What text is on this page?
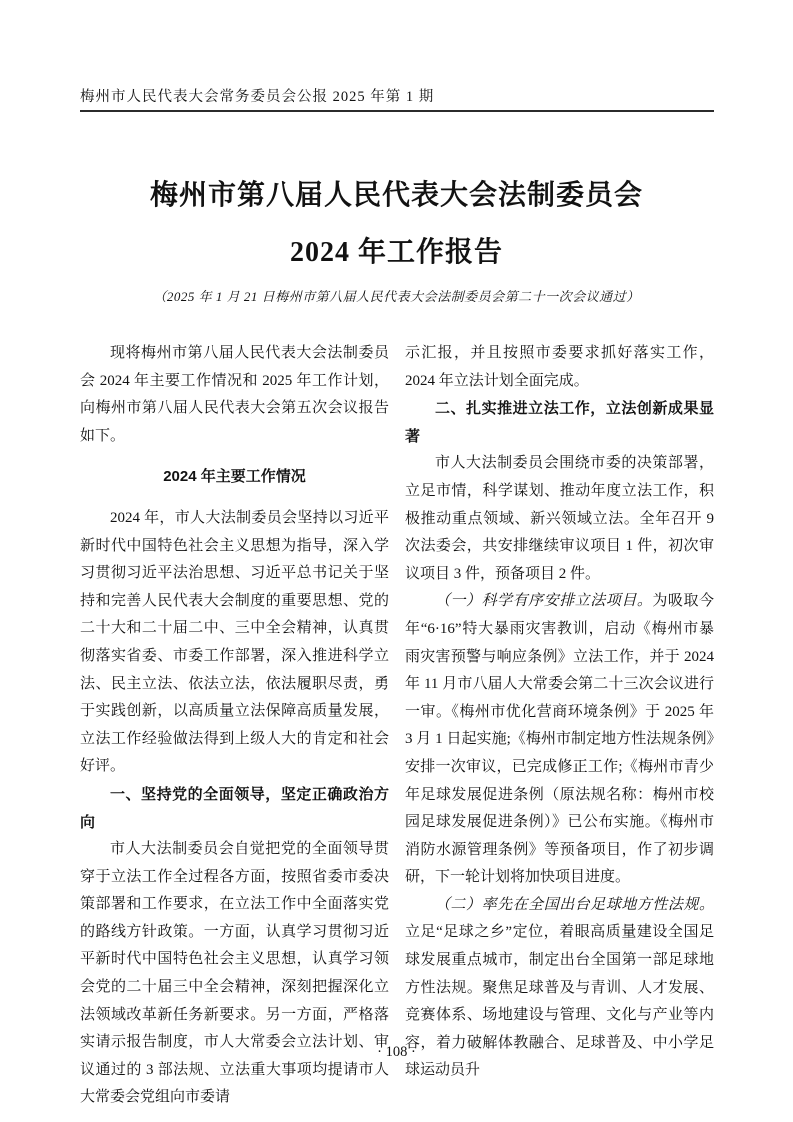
梅州市人民代表大会常务委员会公报 2025 年第 1 期
梅州市第八届人民代表大会法制委员会
2024 年工作报告
（2025 年 1 月 21 日梅州市第八届人民代表大会法制委员会第二十一次会议通过）

现将梅州市第八届人民代表大会法制委员会 2024 年主要工作情况和 2025 年工作计划，向梅州市第八届人民代表大会第五次会议报告如下。

2024 年主要工作情况

2024 年，市人大法制委员会坚持以习近平新时代中国特色社会主义思想为指导，深入学习贯彻习近平法治思想、习近平总书记关于坚持和完善人民代表大会制度的重要思想、党的二十大和二十届二中、三中全会精神，认真贯彻落实省委、市委工作部署，深入推进科学立法、民主立法、依法立法，依法履职尽责，勇于实践创新，以高质量立法保障高质量发展，立法工作经验做法得到上级人大的肯定和社会好评。

一、坚持党的全面领导，坚定正确政治方向

市人大法制委员会自觉把党的全面领导贯穿于立法工作全过程各方面，按照省委市委决策部署和工作要求，在立法工作中全面落实党的路线方针政策。一方面，认真学习贯彻习近平新时代中国特色社会主义思想，认真学习领会党的二十届三中全会精神，深刻把握深化立法领域改革新任务新要求。另一方面，严格落实请示报告制度，市人大常委会立法计划、审议通过的 3 部法规、立法重大事项均提请市人大常委会党组向市委请

示汇报，并且按照市委要求抓好落实工作，2024 年立法计划全面完成。

二、扎实推进立法工作，立法创新成果显著

市人大法制委员会围绕市委的决策部署，立足市情，科学谋划、推动年度立法工作，积极推动重点领域、新兴领域立法。全年召开 9 次法委会，共安排继续审议项目 1 件，初次审议项目 3 件，预备项目 2 件。

（一）科学有序安排立法项目。为吸取今年“6·16”特大暴雨灾害教训，启动《梅州市暴雨灾害预警与响应条例》立法工作，并于 2024 年 11 月市八届人大常委会第二十三次会议进行一审。《梅州市优化营商环境条例》于 2025 年 3 月 1 日起实施;《梅州市制定地方性法规条例》安排一次审议，已完成修正工作;《梅州市青少年足球发展促进条例（原法规名称：梅州市校园足球发展促进条例）》已公布实施。《梅州市消防水源管理条例》等预备项目，作了初步调研，下一轮计划将加快项目进度。

（二）率先在全国出台足球地方性法规。立足“足球之乡”定位，着眼高质量建设全国足球发展重点城市，制定出台全国第一部足球地方性法规。聚焦足球普及与青训、人才发展、竞赛体系、场地建设与管理、文化与产业等内容，着力破解体教融合、足球普及、中小学足球运动员升

· 108 ·
